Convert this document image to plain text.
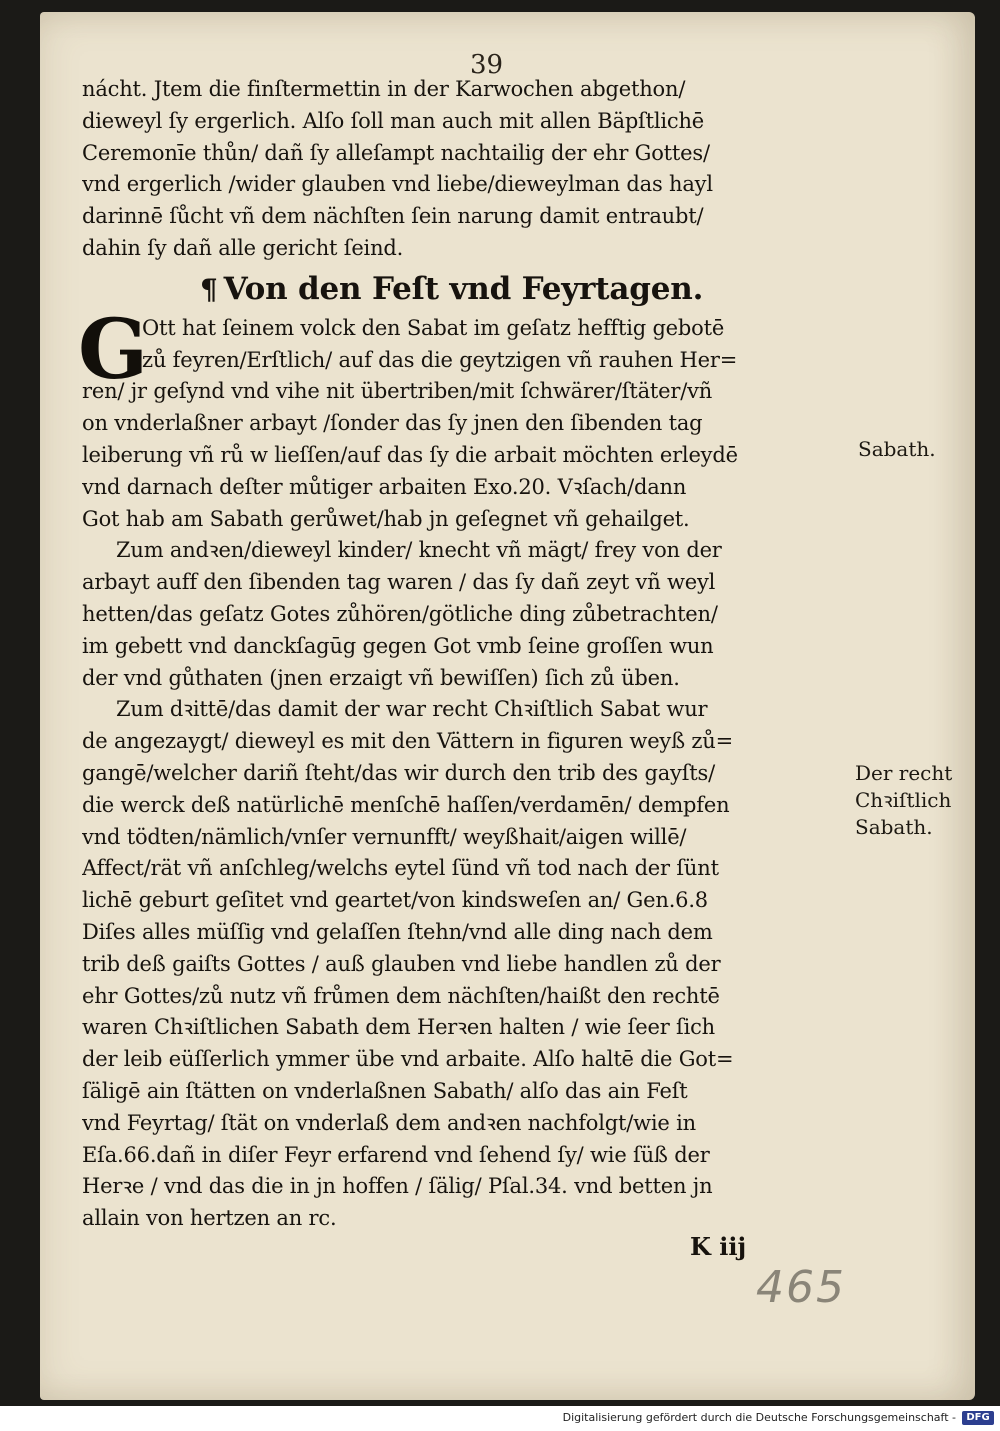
39
nácht. Jtem die finſtermettin in der Karwochen abgethon/
dieweyl ſy ergerlich. Alſo ſoll man auch mit allen Bäpſtlichē
Ceremonīe thůn/ dañ ſy alleſampt nachtailig der ehr Gottes/
vnd ergerlich /wider glauben vnd liebe/dieweylman das hayl
darinnē ſůcht vñ dem nächſten ſein narung damit entraubt/
dahin ſy dañ alle gericht ſeind.
¶ Von den Feſt vnd Feyrtagen.
G
Ott hat ſeinem volck den Sabat im geſatz hefftig gebotē
zů feyren/Erſtlich/ auf das die geytzigen vñ rauhen Her=
ren/ jr geſynd vnd vihe nit übertriben/mit ſchwärer/ſtäter/vñ
on vnderlaßner arbayt /ſonder das ſy jnen den ſibenden tag
leiberung vñ rů w lieſſen/auf das ſy die arbait möchten erleydē
vnd darnach deſter můtiger arbaiten Exo.20. Vꝛſach/dann
Got hab am Sabath gerůwet/hab jn geſegnet vñ gehailget.
Zum andꝛen/dieweyl kinder/ knecht vñ mägt/ frey von der
arbayt auff den ſibenden tag waren / das ſy dañ zeyt vñ weyl
hetten/das geſatz Gotes zůhören/götliche ding zůbetrachten/
im gebett vnd danckſagūg gegen Got vmb ſeine groſſen wun
der vnd gůthaten (jnen erzaigt vñ bewiſſen) ſich zů üben.
Zum dꝛittē/das damit der war recht Chꝛiſtlich Sabat wur
de angezaygt/ dieweyl es mit den Vättern in figuren weyß zů=
gangē/welcher dariñ ſteht/das wir durch den trib des gayſts/
die werck deß natürlichē menſchē haſſen/verdamēn/ dempfen
vnd tödten/nämlich/vnſer vernunfft/ weyßhait/aigen willē/
Affect/rät vñ anſchleg/welchs eytel ſünd vñ tod nach der ſünt
lichē geburt geſitet vnd geartet/von kindsweſen an/ Gen.6.8
Diſes alles müſſig vnd gelaſſen ſtehn/vnd alle ding nach dem
trib deß gaiſts Gottes / auß glauben vnd liebe handlen zů der
ehr Gottes/zů nutz vñ frůmen dem nächſten/haißt den rechtē
waren Chꝛiſtlichen Sabath dem Herꝛen halten / wie ſeer ſich
der leib eüſſerlich ymmer übe vnd arbaite. Alſo haltē die Got=
ſäligē ain ſtätten on vnderlaßnen Sabath/ alſo das ain Feſt
vnd Feyrtag/ ſtät on vnderlaß dem andꝛen nachfolgt/wie in
Eſa.66.dañ in diſer Feyr erfarend vnd ſehend ſy/ wie ſüß der
Herꝛe / vnd das die in jn hoffen / ſälig/ Pſal.34. vnd betten jn
allain von hertzen an rc.
Sabath.
Der recht
Chꝛiſtlich
Sabath.
K iij
465
Digitalisierung gefördert durch die Deutsche Forschungsgemeinschaft -	DFG
